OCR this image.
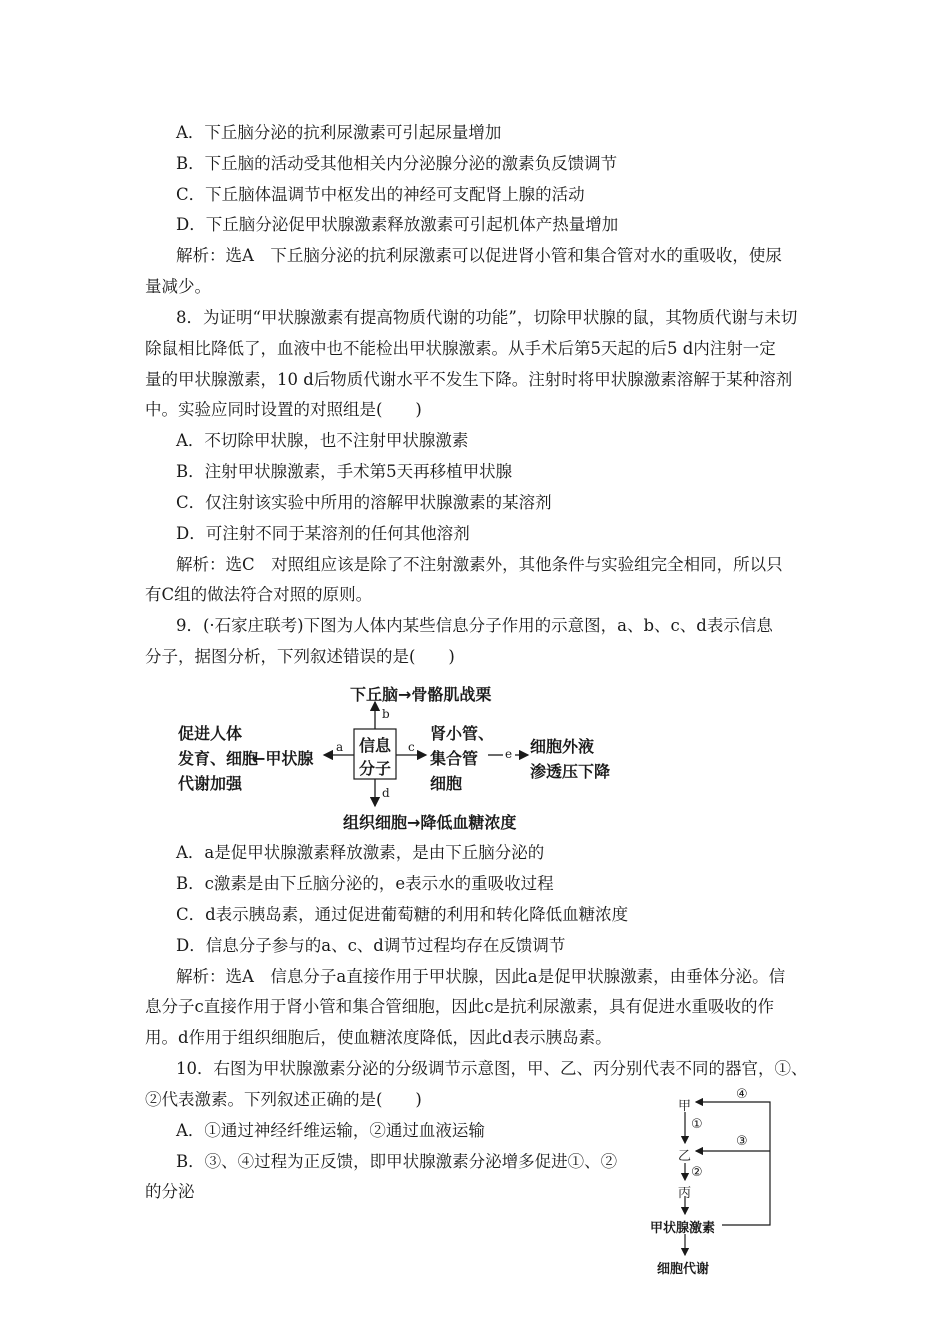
A．下丘脑分泌的抗利尿激素可引起尿量增加
B．下丘脑的活动受其他相关内分泌腺分泌的激素负反馈调节
C．下丘脑体温调节中枢发出的神经可支配肾上腺的活动
D．下丘脑分泌促甲状腺激素释放激素可引起机体产热量增加
解析：选A　下丘脑分泌的抗利尿激素可以促进肾小管和集合管对水的重吸收，使尿
量减少。
8．为证明“甲状腺激素有提高物质代谢的功能”，切除甲状腺的鼠，其物质代谢与未切
除鼠相比降低了，血液中也不能检出甲状腺激素。从手术后第5天起的后5 d内注射一定
量的甲状腺激素，10 d后物质代谢水平不发生下降。注射时将甲状腺激素溶解于某种溶剂
中。实验应同时设置的对照组是(　　)
A．不切除甲状腺，也不注射甲状腺激素
B．注射甲状腺激素，手术第5天再移植甲状腺
C．仅注射该实验中所用的溶解甲状腺激素的某溶剂
D．可注射不同于某溶剂的任何其他溶剂
解析：选C　对照组应该是除了不注射激素外，其他条件与实验组完全相同，所以只
有C组的做法符合对照的原则。
9．(·石家庄联考)下图为人体内某些信息分子作用的示意图，a、b、c、d表示信息
分子，据图分析，下列叙述错误的是(　　)
下丘脑→骨骼肌战栗
促进人体
发育、细胞
代谢加强
←甲状腺
信息
分子
肾小管、
集合管
细胞
细胞外液
渗透压下降
组织细胞→降低血糖浓度
a
b
c
d
e
A．a是促甲状腺激素释放激素，是由下丘脑分泌的
B．c激素是由下丘脑分泌的，e表示水的重吸收过程
C．d表示胰岛素，通过促进葡萄糖的利用和转化降低血糖浓度
D．信息分子参与的a、c、d调节过程均存在反馈调节
解析：选A　信息分子a直接作用于甲状腺，因此a是促甲状腺激素，由垂体分泌。信
息分子c直接作用于肾小管和集合管细胞，因此c是抗利尿激素，具有促进水重吸收的作
用。d作用于组织细胞后，使血糖浓度降低，因此d表示胰岛素。
10．右图为甲状腺激素分泌的分级调节示意图，甲、乙、丙分别代表不同的器官，①、
②代表激素。下列叙述正确的是(　　)
A．①通过神经纤维运输，②通过血液运输
B．③、④过程为正反馈，即甲状腺激素分泌增多促进①、②
的分泌
甲
乙
丙
①
②
③
④
甲状腺激素
细胞代谢
